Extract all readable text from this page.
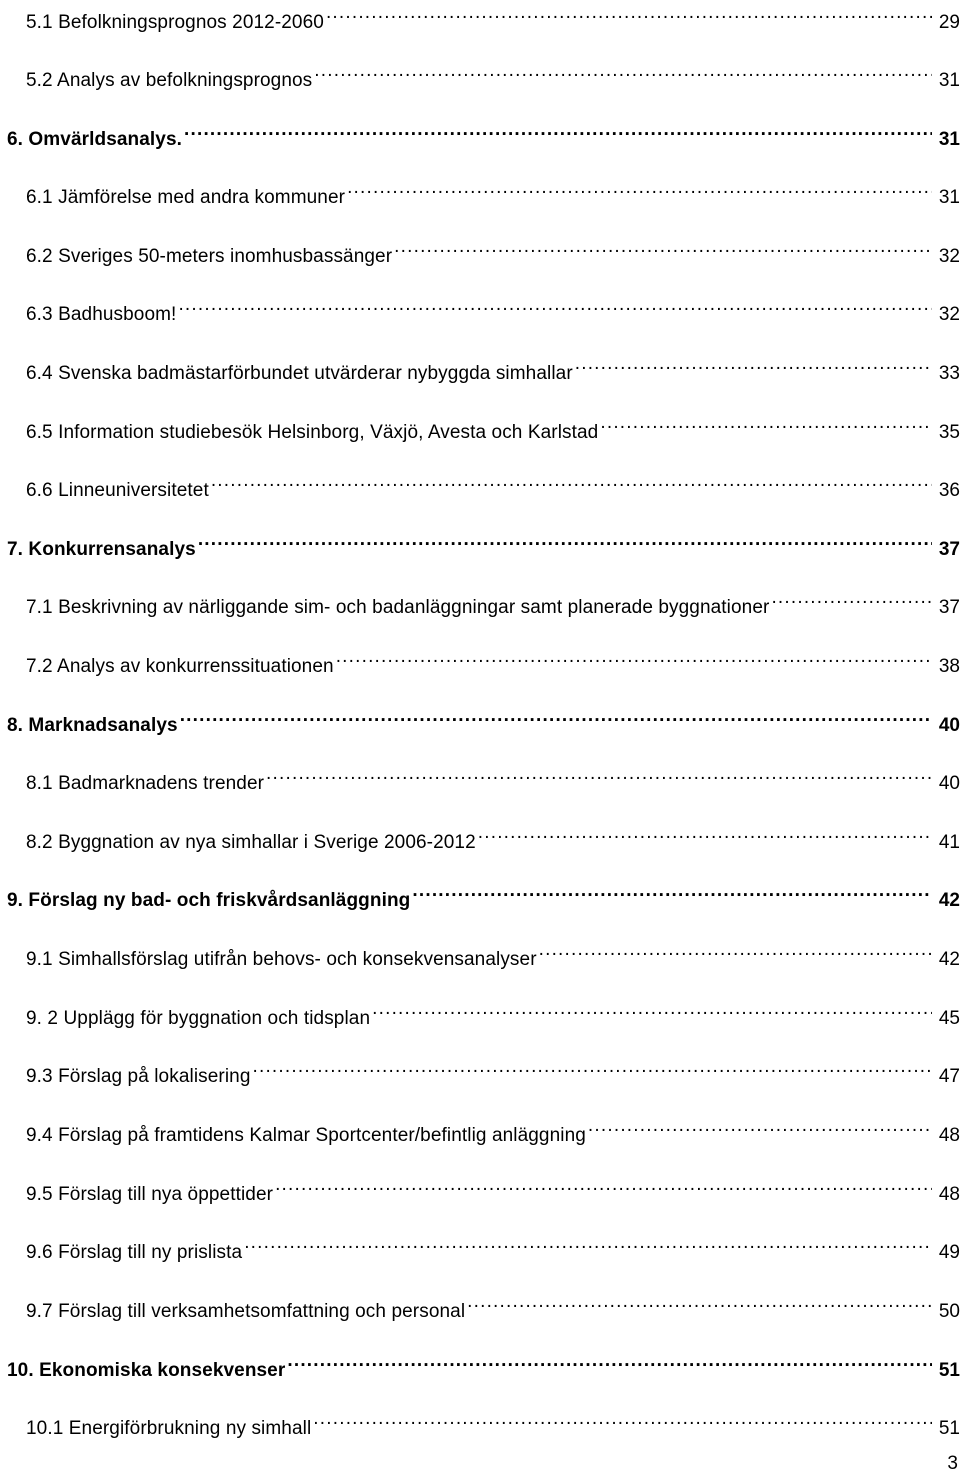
5.1 Befolkningsprognos 2012-2060 .....	29
5.2 Analys av befolkningsprognos .....	31
6. Omvärldsanalys. .....	31
6.1 Jämförelse med andra kommuner .....	31
6.2 Sveriges 50-meters inomhusbassänger .....	32
6.3 Badhusboom! .....	32
6.4 Svenska badmästarförbundet utvärderar nybyggda simhallar .....	33
6.5 Information studiebesök Helsinborg, Växjö, Avesta och Karlstad .....	35
6.6 Linneuniversitetet .....	36
7. Konkurrensanalys .....	37
7.1 Beskrivning av närliggande sim- och badanläggningar samt planerade byggnationer .....	37
7.2 Analys av konkurrenssituationen .....	38
8. Marknadsanalys .....	40
8.1 Badmarknadens trender .....	40
8.2 Byggnation av nya simhallar i Sverige 2006-2012 .....	41
9. Förslag ny bad- och friskvårdsanläggning .....	42
9.1 Simhallsförslag utifrån behovs- och konsekvensanalyser .....	42
9. 2 Upplägg för byggnation och tidsplan .....	45
9.3 Förslag på lokalisering .....	47
9.4 Förslag på framtidens Kalmar Sportcenter/befintlig anläggning .....	48
9.5 Förslag till nya öppettider .....	48
9.6 Förslag till ny prislista .....	49
9.7 Förslag till verksamhetsomfattning och personal .....	50
10. Ekonomiska konsekvenser .....	51
10.1 Energiförbrukning ny simhall .....	51
3
